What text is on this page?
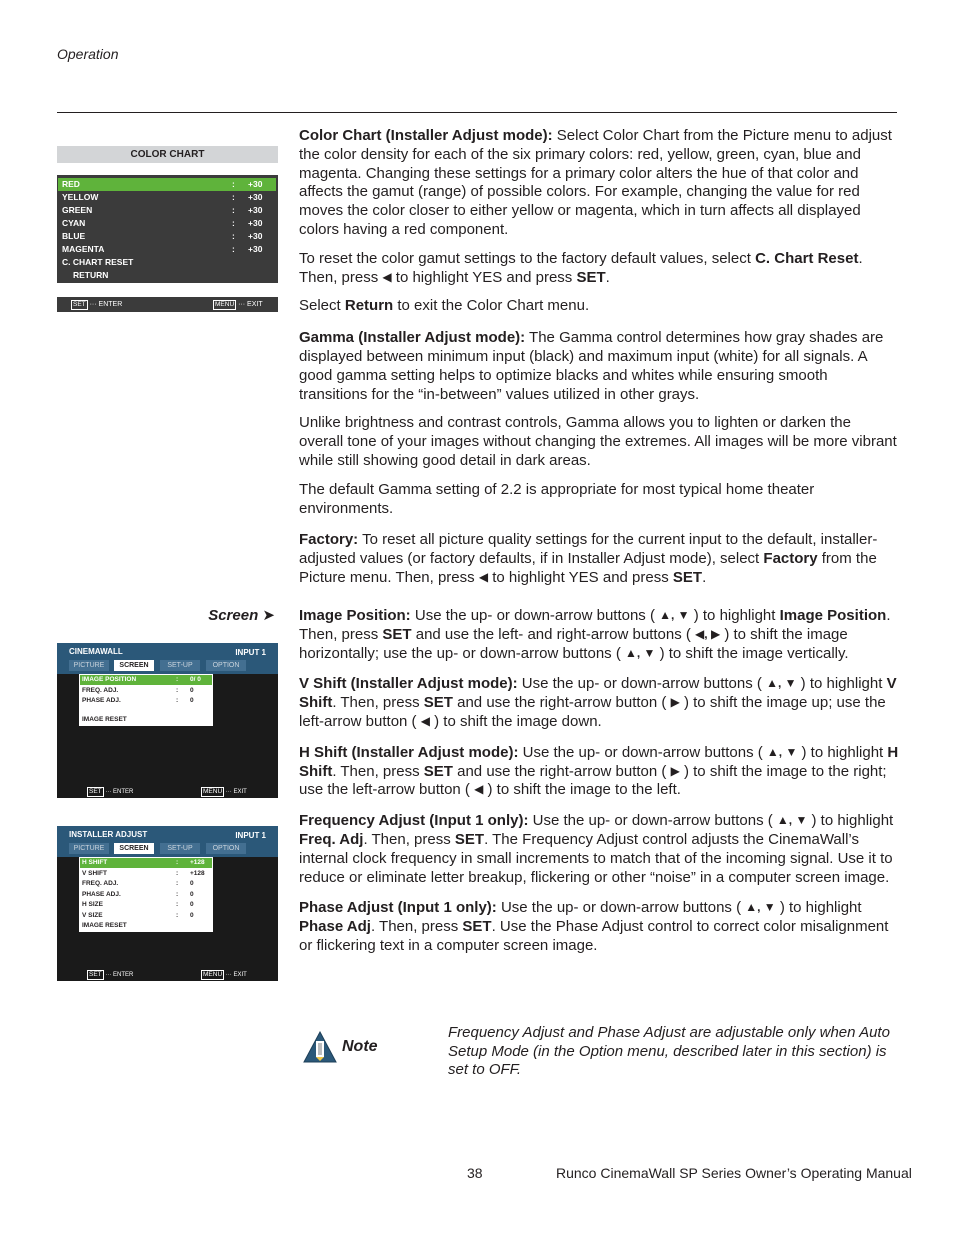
Operation
COLOR CHART
RED	: +30
YELLOW	: +30
GREEN	: +30
CYAN	: +30
BLUE	: +30
MAGENTA	: +30
C. CHART RESET
RETURN
SET ··· ENTER	MENU ··· EXIT
CINEMAWALL	INPUT 1
PICTURE	SCREEN	SET-UP	OPTION
IMAGE POSITION	: 0/ 0
FREQ. ADJ.	: 0
PHASE ADJ.	: 0
IMAGE RESET
SET ··· ENTER	MENU ··· EXIT
INSTALLER ADJUST	INPUT 1
PICTURE	SCREEN	SET-UP	OPTION
H SHIFT	: +128
V SHIFT	: +128
FREQ. ADJ.	: 0
PHASE ADJ.	: 0
H SIZE	: 0
V SIZE	: 0
IMAGE RESET
SET ··· ENTER	MENU ··· EXIT
Screen ➤

Color Chart (Installer Adjust mode): Select Color Chart from the Picture menu to adjust the color density for each of the six primary colors: red, yellow, green, cyan, blue and magenta. Changing these settings for a primary color alters the hue of that color and affects the gamut (range) of possible colors. For example, changing the value for red moves the color closer to either yellow or magenta, which in turn affects all displayed colors having a red component.

To reset the color gamut settings to the factory default values, select C. Chart Reset. Then, press ◀ to highlight YES and press SET.

Select Return to exit the Color Chart menu.

Gamma (Installer Adjust mode): The Gamma control determines how gray shades are displayed between minimum input (black) and maximum input (white) for all signals. A good gamma setting helps to optimize blacks and whites while ensuring smooth transitions for the “in-between” values utilized in other grays.

Unlike brightness and contrast controls, Gamma allows you to lighten or darken the overall tone of your images without changing the extremes. All images will be more vibrant while still showing good detail in dark areas.

The default Gamma setting of 2.2 is appropriate for most typical home theater environments.

Factory: To reset all picture quality settings for the current input to the default, installer-adjusted values (or factory defaults, if in Installer Adjust mode), select Factory from the Picture menu. Then, press ◀ to highlight YES and press SET.

Image Position: Use the up- or down-arrow buttons ( ▲, ▼ ) to highlight Image Position. Then, press SET and use the left- and right-arrow buttons ( ◀, ▶ ) to shift the image horizontally; use the up- or down-arrow buttons ( ▲, ▼ ) to shift the image vertically.

V Shift (Installer Adjust mode): Use the up- or down-arrow buttons ( ▲, ▼ ) to highlight V Shift. Then, press SET and use the right-arrow button ( ▶ ) to shift the image up; use the left-arrow button ( ◀ ) to shift the image down.

H Shift (Installer Adjust mode): Use the up- or down-arrow buttons ( ▲, ▼ ) to highlight H Shift. Then, press SET and use the right-arrow button ( ▶ ) to shift the image to the right; use the left-arrow button ( ◀ ) to shift the image to the left.

Frequency Adjust (Input 1 only): Use the up- or down-arrow buttons ( ▲, ▼ ) to highlight Freq. Adj. Then, press SET. The Frequency Adjust control adjusts the CinemaWall’s internal clock frequency in small increments to match that of the incoming signal. Use it to reduce or eliminate letter breakup, flickering or other “noise” in a computer screen image.

Phase Adjust (Input 1 only): Use the up- or down-arrow buttons ( ▲, ▼ ) to highlight Phase Adj. Then, press SET. Use the Phase Adjust control to correct color misalignment or flickering text in a computer screen image.

Note
Frequency Adjust and Phase Adjust are adjustable only when Auto Setup Mode (in the Option menu, described later in this section) is set to OFF.
38	Runco CinemaWall SP Series Owner’s Operating Manual
